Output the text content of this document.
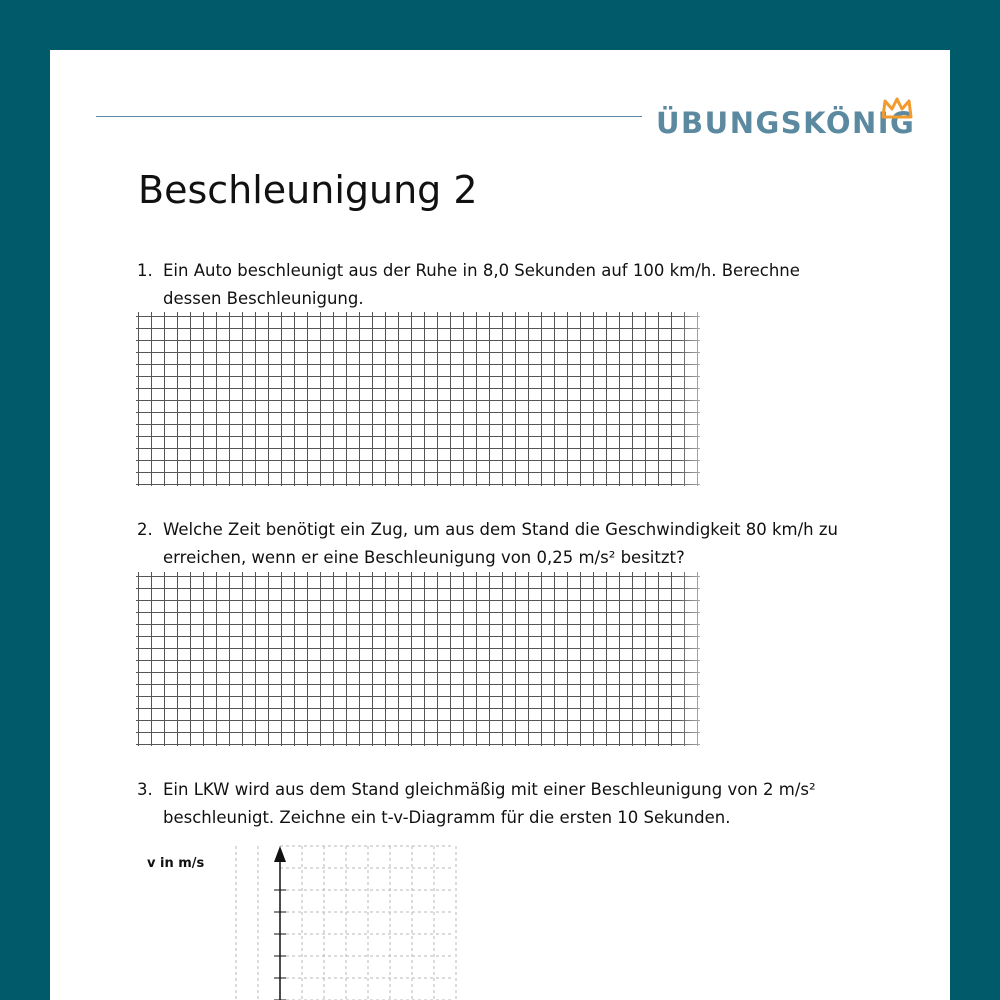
ÜBUNGSKÖNIG
Beschleunigung 2
1. Ein Auto beschleunigt aus der Ruhe in 8,0 Sekunden auf 100 km/h. Berechne
dessen Beschleunigung.
2. Welche Zeit benötigt ein Zug, um aus dem Stand die Geschwindigkeit 80 km/h zu
erreichen, wenn er eine Beschleunigung von 0,25 m/s² besitzt?
3. Ein LKW wird aus dem Stand gleichmäßig mit einer Beschleunigung von 2 m/s²
beschleunigt. Zeichne ein t-v-Diagramm für die ersten 10 Sekunden.
v in m/s
